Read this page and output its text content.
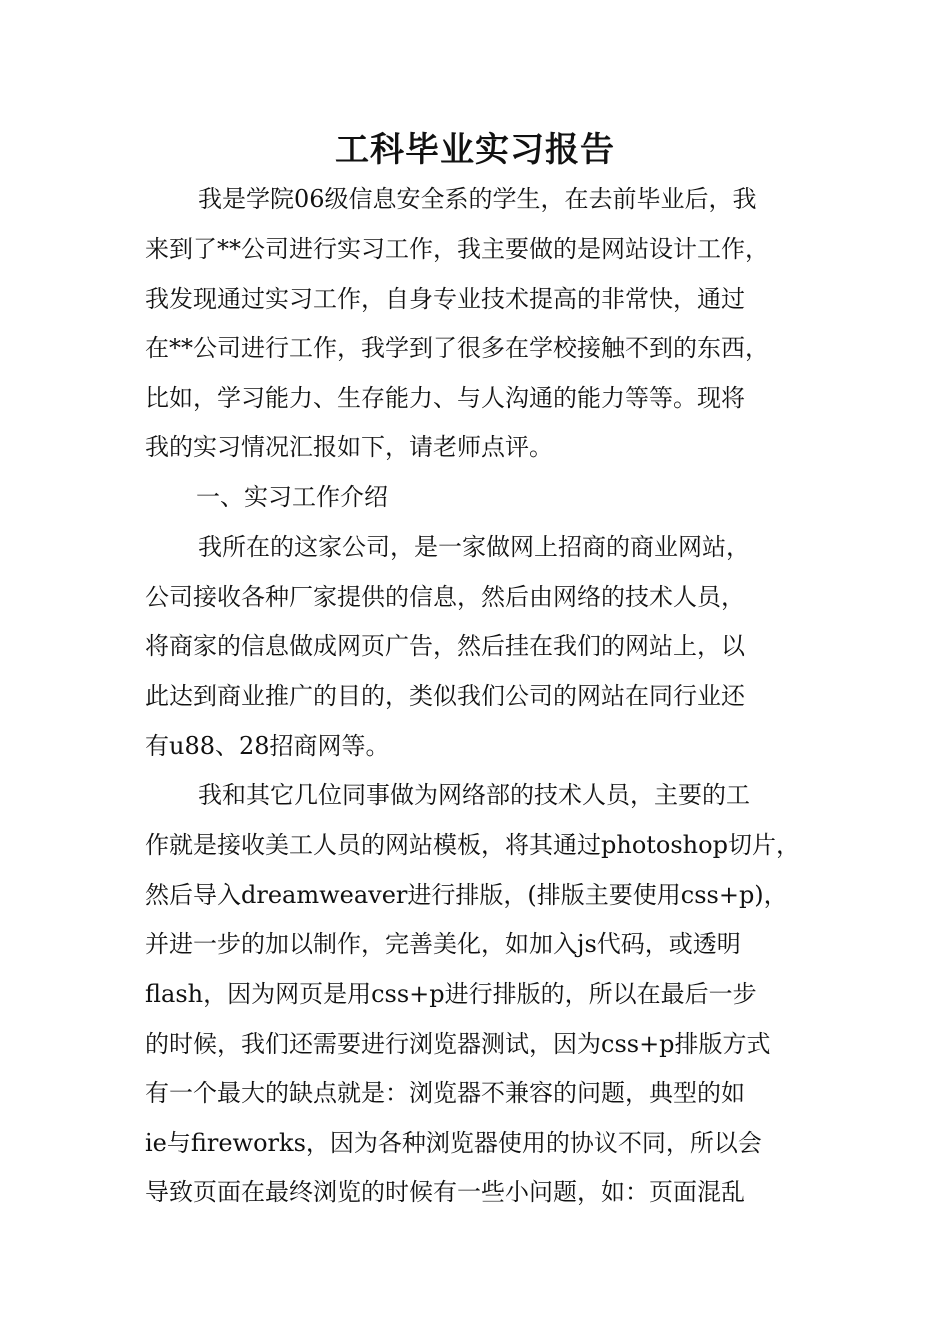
工科毕业实习报告
我是学院06级信息安全系的学生，在去前毕业后，我
来到了**公司进行实习工作，我主要做的是网站设计工作，
我发现通过实习工作，自身专业技术提高的非常快，通过
在**公司进行工作，我学到了很多在学校接触不到的东西，
比如，学习能力、生存能力、与人沟通的能力等等。现将
我的实习情况汇报如下，请老师点评。
一、实习工作介绍
我所在的这家公司，是一家做网上招商的商业网站，
公司接收各种厂家提供的信息，然后由网络的技术人员，
将商家的信息做成网页广告，然后挂在我们的网站上，以
此达到商业推广的目的，类似我们公司的网站在同行业还
有u88、28招商网等。
我和其它几位同事做为网络部的技术人员，主要的工
作就是接收美工人员的网站模板，将其通过photoshop切片，
然后导入dreamweaver进行排版，(排版主要使用css+p)，
并进一步的加以制作，完善美化，如加入js代码，或透明
flash，因为网页是用css+p进行排版的，所以在最后一步
的时候，我们还需要进行浏览器测试，因为css+p排版方式
有一个最大的缺点就是：浏览器不兼容的问题，典型的如
ie与fireworks，因为各种浏览器使用的协议不同，所以会
导致页面在最终浏览的时候有一些小问题，如：页面混乱
